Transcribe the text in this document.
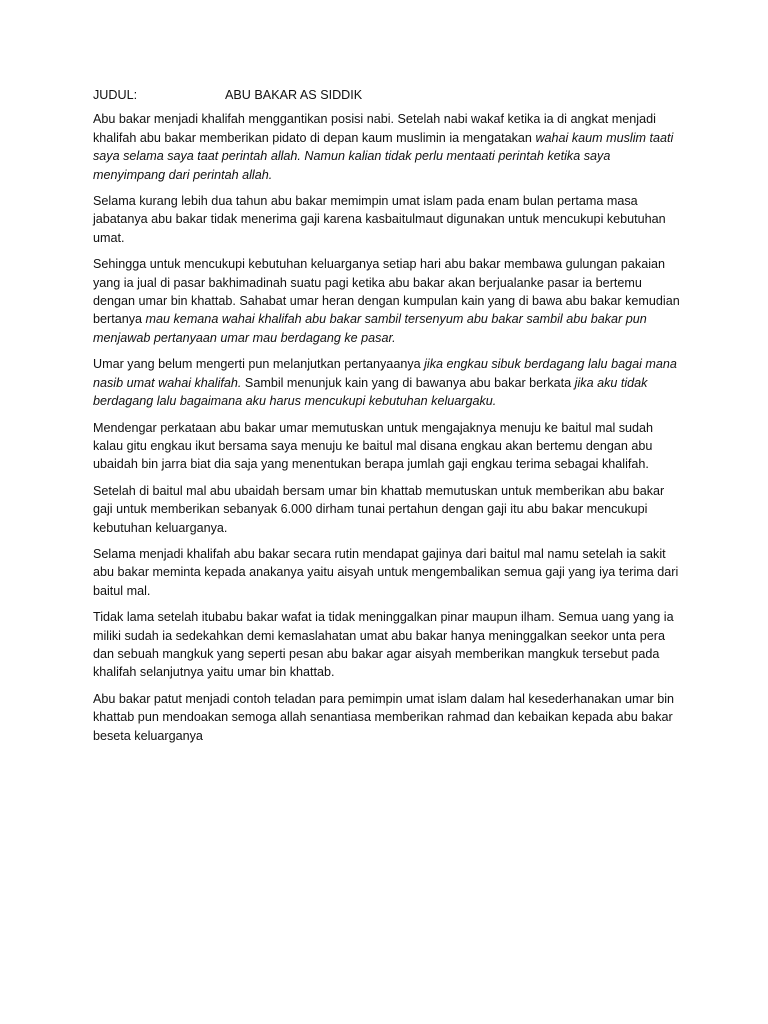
JUDUL:	ABU BAKAR AS SIDDIK

Abu bakar menjadi khalifah menggantikan posisi nabi. Setelah nabi wakaf ketika ia di angkat menjadi khalifah abu bakar memberikan pidato di depan kaum muslimin ia mengatakan wahai kaum muslim taati saya selama saya taat perintah allah. Namun kalian tidak perlu mentaati perintah ketika saya menyimpang dari perintah allah.

Selama kurang lebih dua tahun abu bakar memimpin umat islam pada enam bulan pertama masa jabatanya abu bakar tidak menerima gaji karena kasbaitulmaut digunakan untuk mencukupi kebutuhan umat.

Sehingga untuk mencukupi kebutuhan keluarganya setiap hari abu bakar membawa gulungan pakaian yang ia jual di pasar bakhimadinah suatu pagi ketika abu bakar akan berjualanke pasar ia bertemu dengan umar bin khattab. Sahabat umar heran dengan kumpulan kain yang di bawa abu bakar kemudian bertanya mau kemana wahai khalifah abu bakar sambil tersenyum abu bakar sambil abu bakar pun menjawab pertanyaan umar mau berdagang ke pasar.

Umar yang belum mengerti pun melanjutkan pertanyaanya jika engkau sibuk berdagang lalu bagai mana nasib umat wahai khalifah. Sambil menunjuk kain yang di bawanya abu bakar berkata jika aku tidak berdagang lalu bagaimana aku harus mencukupi kebutuhan keluargaku.

Mendengar perkataan abu bakar umar memutuskan untuk mengajaknya menuju ke baitul mal sudah kalau gitu engkau ikut bersama saya menuju ke baitul mal disana engkau akan bertemu dengan abu ubaidah bin jarra biat dia saja yang menentukan berapa jumlah gaji engkau terima sebagai khalifah.

Setelah di baitul mal abu ubaidah bersam umar bin khattab memutuskan untuk memberikan abu bakar gaji untuk memberikan sebanyak 6.000 dirham tunai pertahun dengan gaji itu abu bakar mencukupi kebutuhan keluarganya.

Selama menjadi khalifah abu bakar secara rutin mendapat gajinya dari baitul mal namu setelah ia sakit abu bakar meminta kepada anakanya yaitu aisyah untuk mengembalikan semua gaji yang iya terima dari baitul mal.

Tidak lama setelah itubabu bakar wafat ia tidak meninggalkan pinar maupun ilham. Semua uang yang ia miliki sudah ia sedekahkan demi kemaslahatan umat abu bakar hanya meninggalkan seekor unta pera dan sebuah mangkuk yang seperti pesan abu bakar agar aisyah memberikan mangkuk tersebut pada khalifah selanjutnya yaitu umar bin khattab.

Abu bakar patut menjadi contoh teladan para pemimpin umat islam dalam hal kesederhanakan umar bin khattab pun mendoakan semoga allah senantiasa memberikan rahmad dan kebaikan kepada abu bakar beseta keluarganya
